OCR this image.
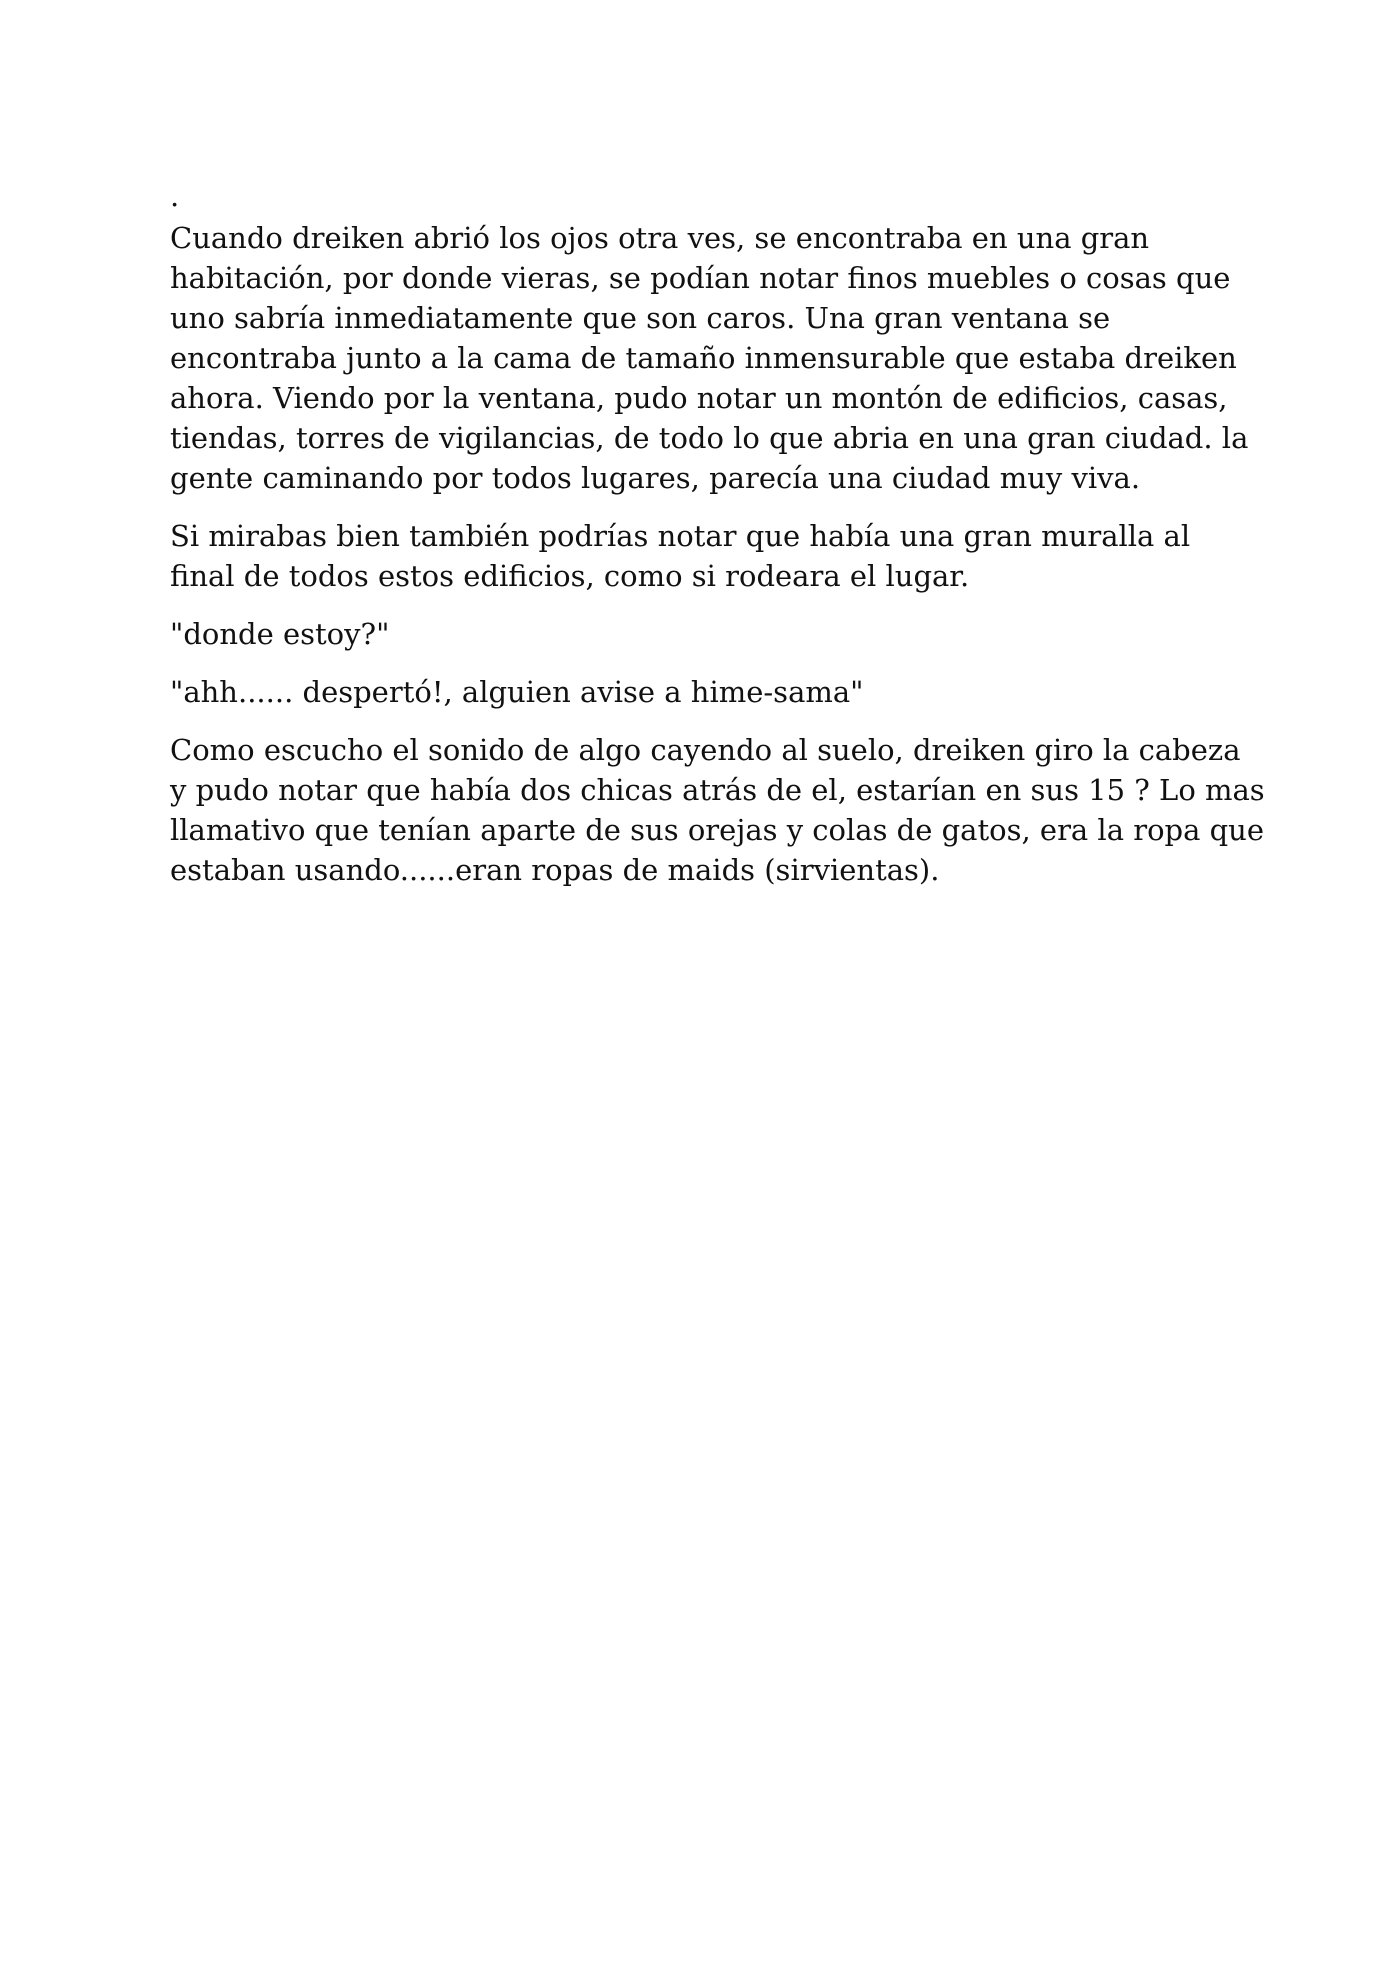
.
Cuando dreiken abrió los ojos otra ves, se encontraba en una gran
habitación, por donde vieras, se podían notar finos muebles o cosas que
uno sabría inmediatamente que son caros. Una gran ventana se
encontraba junto a la cama de tamaño inmensurable que estaba dreiken
ahora. Viendo por la ventana, pudo notar un montón de edificios, casas,
tiendas, torres de vigilancias, de todo lo que abria en una gran ciudad. la
gente caminando por todos lugares, parecía una ciudad muy viva.
Si mirabas bien también podrías notar que había una gran muralla al
final de todos estos edificios, como si rodeara el lugar.
"donde estoy?"
"ahh...... despertó!, alguien avise a hime-sama"
Como escucho el sonido de algo cayendo al suelo, dreiken giro la cabeza
y pudo notar que había dos chicas atrás de el, estarían en sus 15 ? Lo mas
llamativo que tenían aparte de sus orejas y colas de gatos, era la ropa que
estaban usando......eran ropas de maids (sirvientas).
